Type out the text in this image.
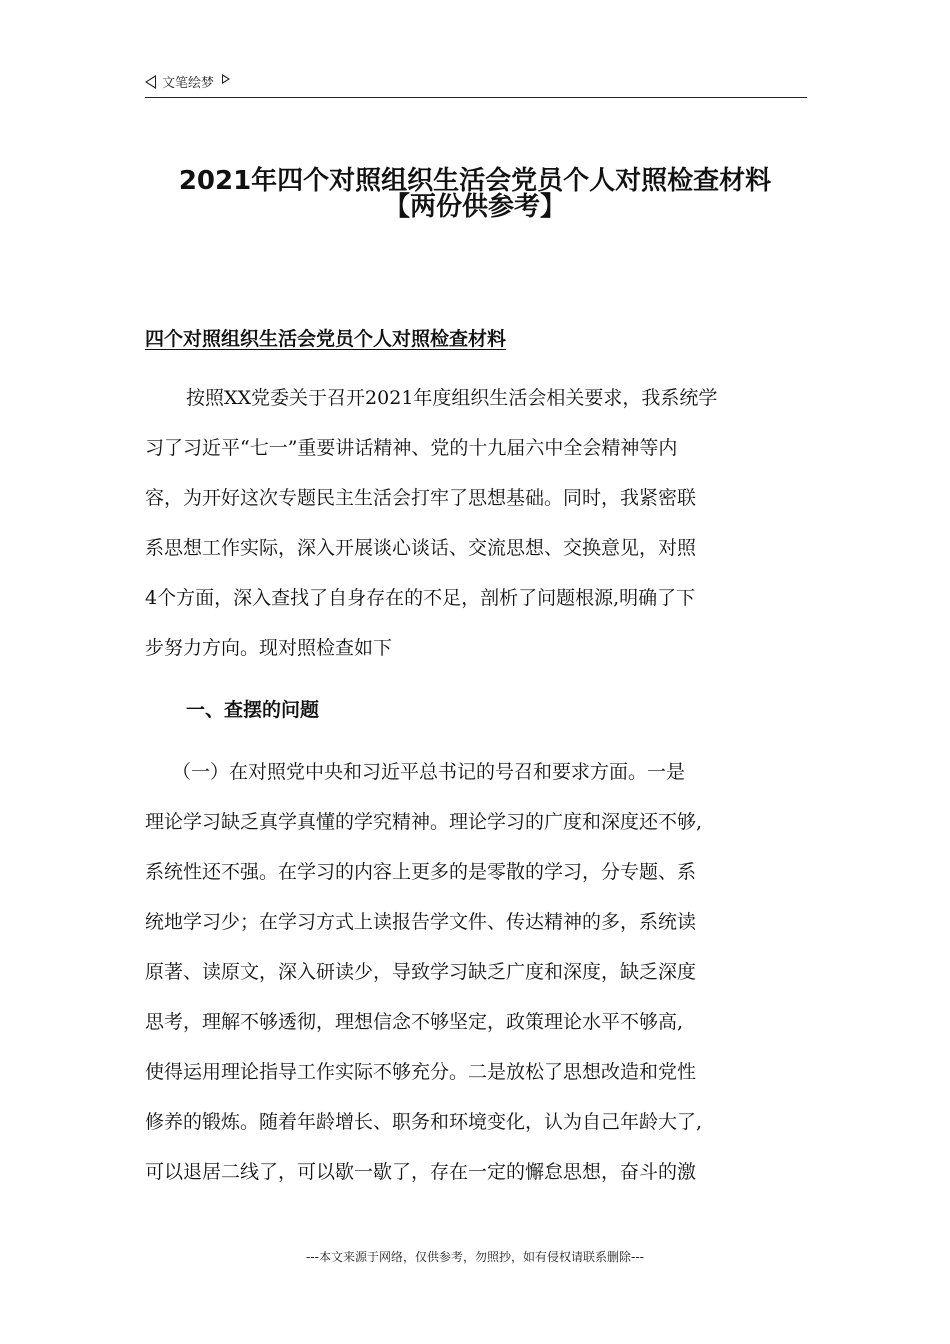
文笔绘梦
2021年四个对照组织生活会党员个人对照检查材料
【两份供参考】
四个对照组织生活会党员个人对照检查材料
按照XX党委关于召开2021年度组织生活会相关要求，我系统学
习了习近平“七一”重要讲话精神、党的十九届六中全会精神等内
容，为开好这次专题民主生活会打牢了思想基础。同时，我紧密联
系思想工作实际，深入开展谈心谈话、交流思想、交换意见，对照
4个方面，深入查找了自身存在的不足，剖析了问题根源,明确了下
步努力方向。现对照检查如下
一、查摆的问题
（一）在对照党中央和习近平总书记的号召和要求方面。一是
理论学习缺乏真学真懂的学究精神。理论学习的广度和深度还不够,
系统性还不强。在学习的内容上更多的是零散的学习，分专题、系
统地学习少；在学习方式上读报告学文件、传达精神的多，系统读
原著、读原文，深入研读少，导致学习缺乏广度和深度，缺乏深度
思考，理解不够透彻，理想信念不够坚定，政策理论水平不够高,
使得运用理论指导工作实际不够充分。二是放松了思想改造和党性
修养的锻炼。随着年龄增长、职务和环境变化，认为自己年龄大了,
可以退居二线了，可以歇一歇了，存在一定的懈怠思想，奋斗的激
---本文来源于网络，仅供参考，勿照抄，如有侵权请联系删除---
